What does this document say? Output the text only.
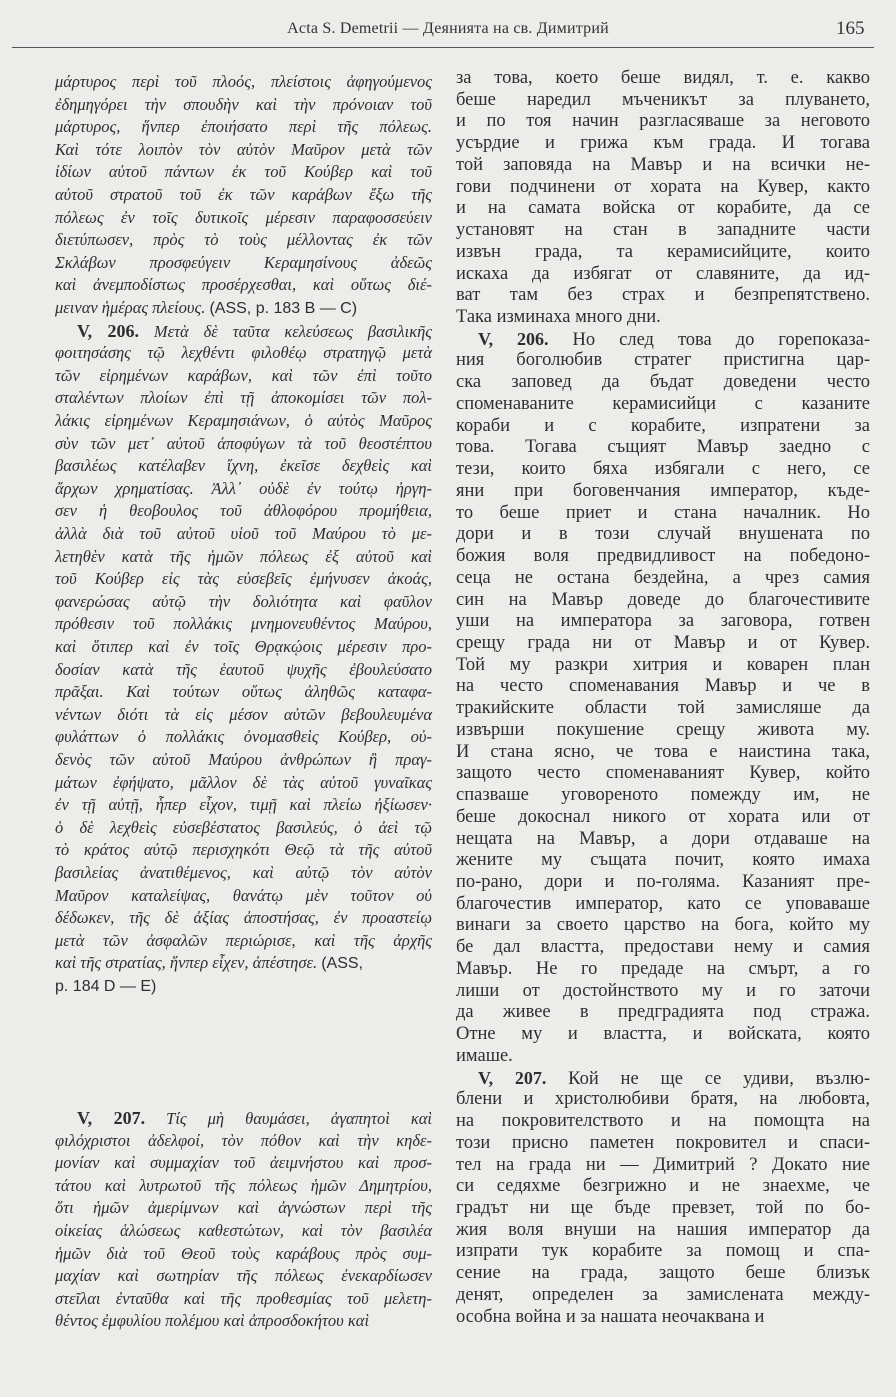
Acta S. Demetrii — Деянията на св. Димитрий	165
μάρτυρος περὶ τοῦ πλοός, πλείστοις ἀφηγούμενος
ἐδημηγόρει τὴν σπουδὴν καὶ τὴν πρόνοιαν τοῦ
μάρτυρος, ἥνπερ ἐποιήσατο περὶ τῆς πόλεως.
Καὶ τότε λοιπὸν τὸν αὐτὸν Μαῦρον μετὰ τῶν
ἰδίων αὐτοῦ πάντων ἐκ τοῦ Κούβερ καὶ τοῦ
αὐτοῦ στρατοῦ τοῦ ἐκ τῶν καράβων ἔξω τῆς
πόλεως ἐν τοῖς δυτικοῖς μέρεσιν παραφοσσεύειν
διετύπωσεν, πρὸς τὸ τοὺς μέλλοντας ἐκ τῶν
Σκλάβων προσφεύγειν Κεραμησίνους ἀδεῶς
καὶ ἀνεμποδίστως προσέρχεσθαι, καὶ οὕτως διέ-
μειναν ἡμέρας πλείους. (ASS, p. 183 B — C)
V, 206. Μετὰ δὲ ταῦτα κελεύσεως βασιλικῆς
φοιτησάσης τῷ λεχθέντι φιλοθέῳ στρατηγῷ μετὰ
τῶν εἰρημένων καράβων, καὶ τῶν ἐπὶ τοῦτο
σταλέντων πλοίων ἐπὶ τῇ ἀποκομίσει τῶν πολ-
λάκις εἰρημένων Κεραμησιάνων, ὁ αὐτὸς Μαῦρος
σὺν τῶν μετ᾽ αὐτοῦ ἀποφύγων τὰ τοῦ θεοστέπτου
βασιλέως κατέλαβεν ἴχνη, ἐκεῖσε δεχθεὶς καὶ
ἄρχων χρηματίσας. Ἀλλ᾽ οὐδὲ ἐν τούτῳ ἠργη-
σεν ἡ θεοβουλος τοῦ ἀθλοφόρου προμήθεια,
ἀλλὰ διὰ τοῦ αὐτοῦ υἱοῦ τοῦ Μαύρου τὸ με-
λετηθὲν κατὰ τῆς ἡμῶν πόλεως ἐξ αὐτοῦ καὶ
τοῦ Κούβερ εἰς τὰς εὐσεβεῖς ἐμήνυσεν ἀκοάς,
φανερώσας αὐτῷ τὴν δολιότητα καὶ φαῦλον
πρόθεσιν τοῦ πολλάκις μνημονευθέντος Μαύρου,
καὶ ὅτιπερ καὶ ἐν τοῖς Θρᾳκῴοις μέρεσιν προ-
δοσίαν κατὰ τῆς ἑαυτοῦ ψυχῆς ἐβουλεύσατο
πρᾶξαι. Καὶ τούτων οὕτως ἀληθῶς καταφα-
νέντων διότι τὰ εἰς μέσον αὐτῶν βεβουλευμένα
φυλάττων ὁ πολλάκις ὀνομασθεὶς Κούβερ, οὐ-
δενὸς τῶν αὐτοῦ Μαύρου ἀνθρώπων ἢ πραγ-
μάτων ἐφήψατο, μᾶλλον δὲ τὰς αὐτοῦ γυναῖκας
ἐν τῇ αὐτῇ, ἧπερ εἶχον, τιμῇ καὶ πλείω ἠξίωσεν·
ὁ δὲ λεχθεὶς εὐσεβέστατος βασιλεύς, ὁ ἀεὶ τῷ
τὸ κράτος αὐτῷ περισχηκότι Θεῷ τὰ τῆς αὐτοῦ
βασιλείας ἀνατιθέμενος, καὶ αὐτῷ τὸν αὐτὸν
Μαῦρον καταλείψας, θανάτῳ μὲν τοῦτον οὐ
δέδωκεν, τῆς δὲ ἀξίας ἀποστήσας, ἐν προαστείῳ
μετὰ τῶν ἀσφαλῶν περιώρισε, καὶ τῆς ἀρχῆς
καὶ τῆς στρατίας, ἥνπερ εἶχεν, ἀπέστησε. (ASS,
p. 184 D — E)
V, 207. Τίς μὴ θαυμάσει, ἀγαπητοὶ καὶ
φιλόχριστοι ἀδελφοί, τὸν πόθον καὶ τὴν κηδε-
μονίαν καὶ συμμαχίαν τοῦ ἀειμνήστου καὶ προσ-
τάτου καὶ λυτρωτοῦ τῆς πόλεως ἡμῶν Δημητρίου,
ὅτι ἡμῶν ἀμερίμνων καὶ ἀγνώστων περὶ τῆς
οἰκείας ἁλώσεως καθεστώτων, καὶ τὸν βασιλέα
ἡμῶν διὰ τοῦ Θεοῦ τοὺς καράβους πρὸς συμ-
μαχίαν καὶ σωτηρίαν τῆς πόλεως ἐνεκαρδίωσεν
στεῖλαι ἐνταῦθα καὶ τῆς προθεσμίας τοῦ μελετη-
θέντος ἐμφυλίου πολέμου καὶ ἀπροσδοκήτου καὶ
за това, което беше видял, т. е. какво
беше наредил мъченикът за плуването,
и по тоя начин разгласяваше за неговото
усърдие и грижа към града. И тогава
той заповяда на Мавър и на всички не-
гови подчинени от хората на Кувер, както
и на самата войска от корабите, да се
установят на стан в западните части
извън града, та керамисийците, които
искаха да избягат от славяните, да ид-
ват там без страх и безпрепятствено.
Така изминаха много дни.
V, 206. Но след това до горепоказа-
ния боголюбив стратег пристигна цар-
ска заповед да бъдат доведени често
споменаваните керамисийци с казаните
кораби и с корабите, изпратени за
това. Тогава същият Мавър заедно с
тези, които бяха избягали с него, се
яни при боговенчания император, къде-
то беше приет и стана началник. Но
дори и в този случай внушената по
божия воля предвидливост на победоно-
сеца не остана бездейна, а чрез самия
син на Мавър доведе до благочестивите
уши на императора за заговора, готвен
срещу града ни от Мавър и от Кувер.
Той му разкри хитрия и коварен план
на често споменавания Мавър и че в
тракийските области той замисляше да
извърши покушение срещу живота му.
И стана ясно, че това е наистина така,
защото често споменаваният Кувер, който
спазваше уговореното помежду им, не
беше докоснал никого от хората или от
нещата на Мавър, а дори отдаваше на
жените му същата почит, която имаха
по-рано, дори и по-голяма. Казаният пре-
благочестив император, като се уповаваше
винаги за своето царство на бога, който му
бе дал властта, предостави нему и самия
Мавър. Не го предаде на смърт, а го
лиши от достойнството му и го заточи
да живее в предградията под стража.
Отне му и властта, и войската, която
имаше.
V, 207. Кой не ще се удиви, възлю-
блени и христолюбиви братя, на любовта,
на покровителството и на помощта на
този присно паметен покровител и спаси-
тел на града ни — Димитрий ? Докато ние
си седяхме безгрижно и не знаехме, че
градът ни ще бъде превзет, той по бо-
жия воля внуши на нашия император да
изпрати тук корабите за помощ и спа-
сение на града, защото беше близък
денят, определен за замислената между-
особна война и за нашата неочаквана и
